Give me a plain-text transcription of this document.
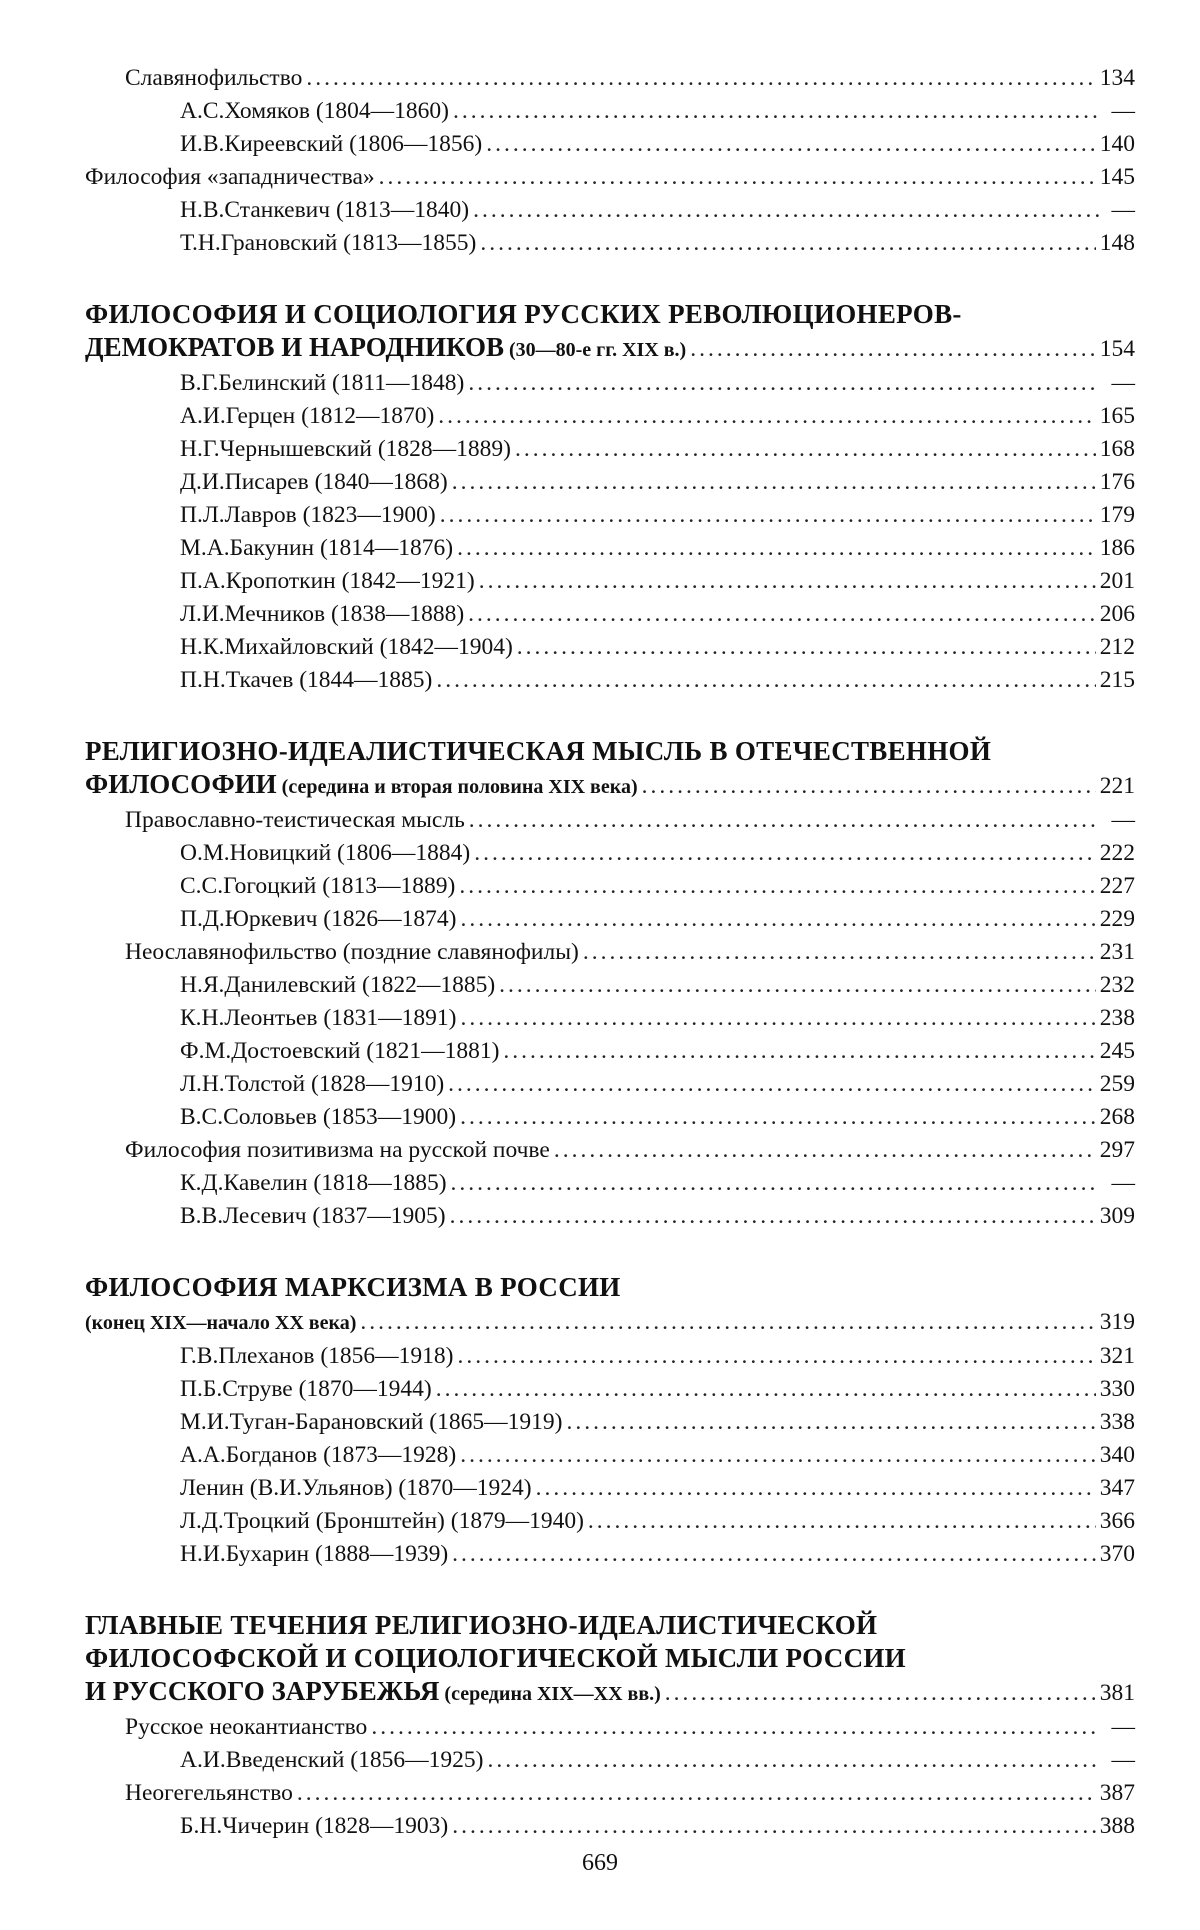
Славянофильство .....	134
А.С.Хомяков (1804—1860) .....	—
И.В.Киреевский (1806—1856) .....	140
Философия «западничества» .....	145
Н.В.Станкевич (1813—1840) .....	—
Т.Н.Грановский (1813—1855) .....	148
ФИЛОСОФИЯ И СОЦИОЛОГИЯ РУССКИХ РЕВОЛЮЦИОНЕРОВ-
ДЕМОКРАТОВ И НАРОДНИКОВ (30—80-е гг. XIX в.) .....	154
В.Г.Белинский (1811—1848) .....	—
А.И.Герцен (1812—1870) .....	165
Н.Г.Чернышевский (1828—1889) .....	168
Д.И.Писарев (1840—1868) .....	176
П.Л.Лавров (1823—1900) .....	179
М.А.Бакунин (1814—1876) .....	186
П.А.Кропоткин (1842—1921) .....	201
Л.И.Мечников (1838—1888) .....	206
Н.К.Михайловский (1842—1904) .....	212
П.Н.Ткачев (1844—1885) .....	215
РЕЛИГИОЗНО-ИДЕАЛИСТИЧЕСКАЯ МЫСЛЬ В ОТЕЧЕСТВЕННОЙ
ФИЛОСОФИИ (середина и вторая половина XIX века) .....	221
Православно-теистическая мысль .....	—
О.М.Новицкий (1806—1884) .....	222
С.С.Гогоцкий (1813—1889) .....	227
П.Д.Юркевич (1826—1874) .....	229
Неославянофильство (поздние славянофилы) .....	231
Н.Я.Данилевский (1822—1885) .....	232
К.Н.Леонтьев (1831—1891) .....	238
Ф.М.Достоевский (1821—1881) .....	245
Л.Н.Толстой (1828—1910) .....	259
В.С.Соловьев (1853—1900) .....	268
Философия позитивизма на русской почве .....	297
К.Д.Кавелин (1818—1885) .....	—
В.В.Лесевич (1837—1905) .....	309
ФИЛОСОФИЯ МАРКСИЗМА В РОССИИ
(конец XIX—начало XX века) .....	319
Г.В.Плеханов (1856—1918) .....	321
П.Б.Струве (1870—1944) .....	330
М.И.Туган-Барановский (1865—1919) .....	338
А.А.Богданов (1873—1928) .....	340
Ленин (В.И.Ульянов) (1870—1924) .....	347
Л.Д.Троцкий (Бронштейн) (1879—1940) .....	366
Н.И.Бухарин (1888—1939) .....	370
ГЛАВНЫЕ ТЕЧЕНИЯ РЕЛИГИОЗНО-ИДЕАЛИСТИЧЕСКОЙ
ФИЛОСОФСКОЙ И СОЦИОЛОГИЧЕСКОЙ МЫСЛИ РОССИИ
И РУССКОГО ЗАРУБЕЖЬЯ (середина XIX—XX вв.) .....	381
Русское неокантианство .....	—
А.И.Введенский (1856—1925) .....	—
Неогегельянство .....	387
Б.Н.Чичерин (1828—1903) .....	388
669
